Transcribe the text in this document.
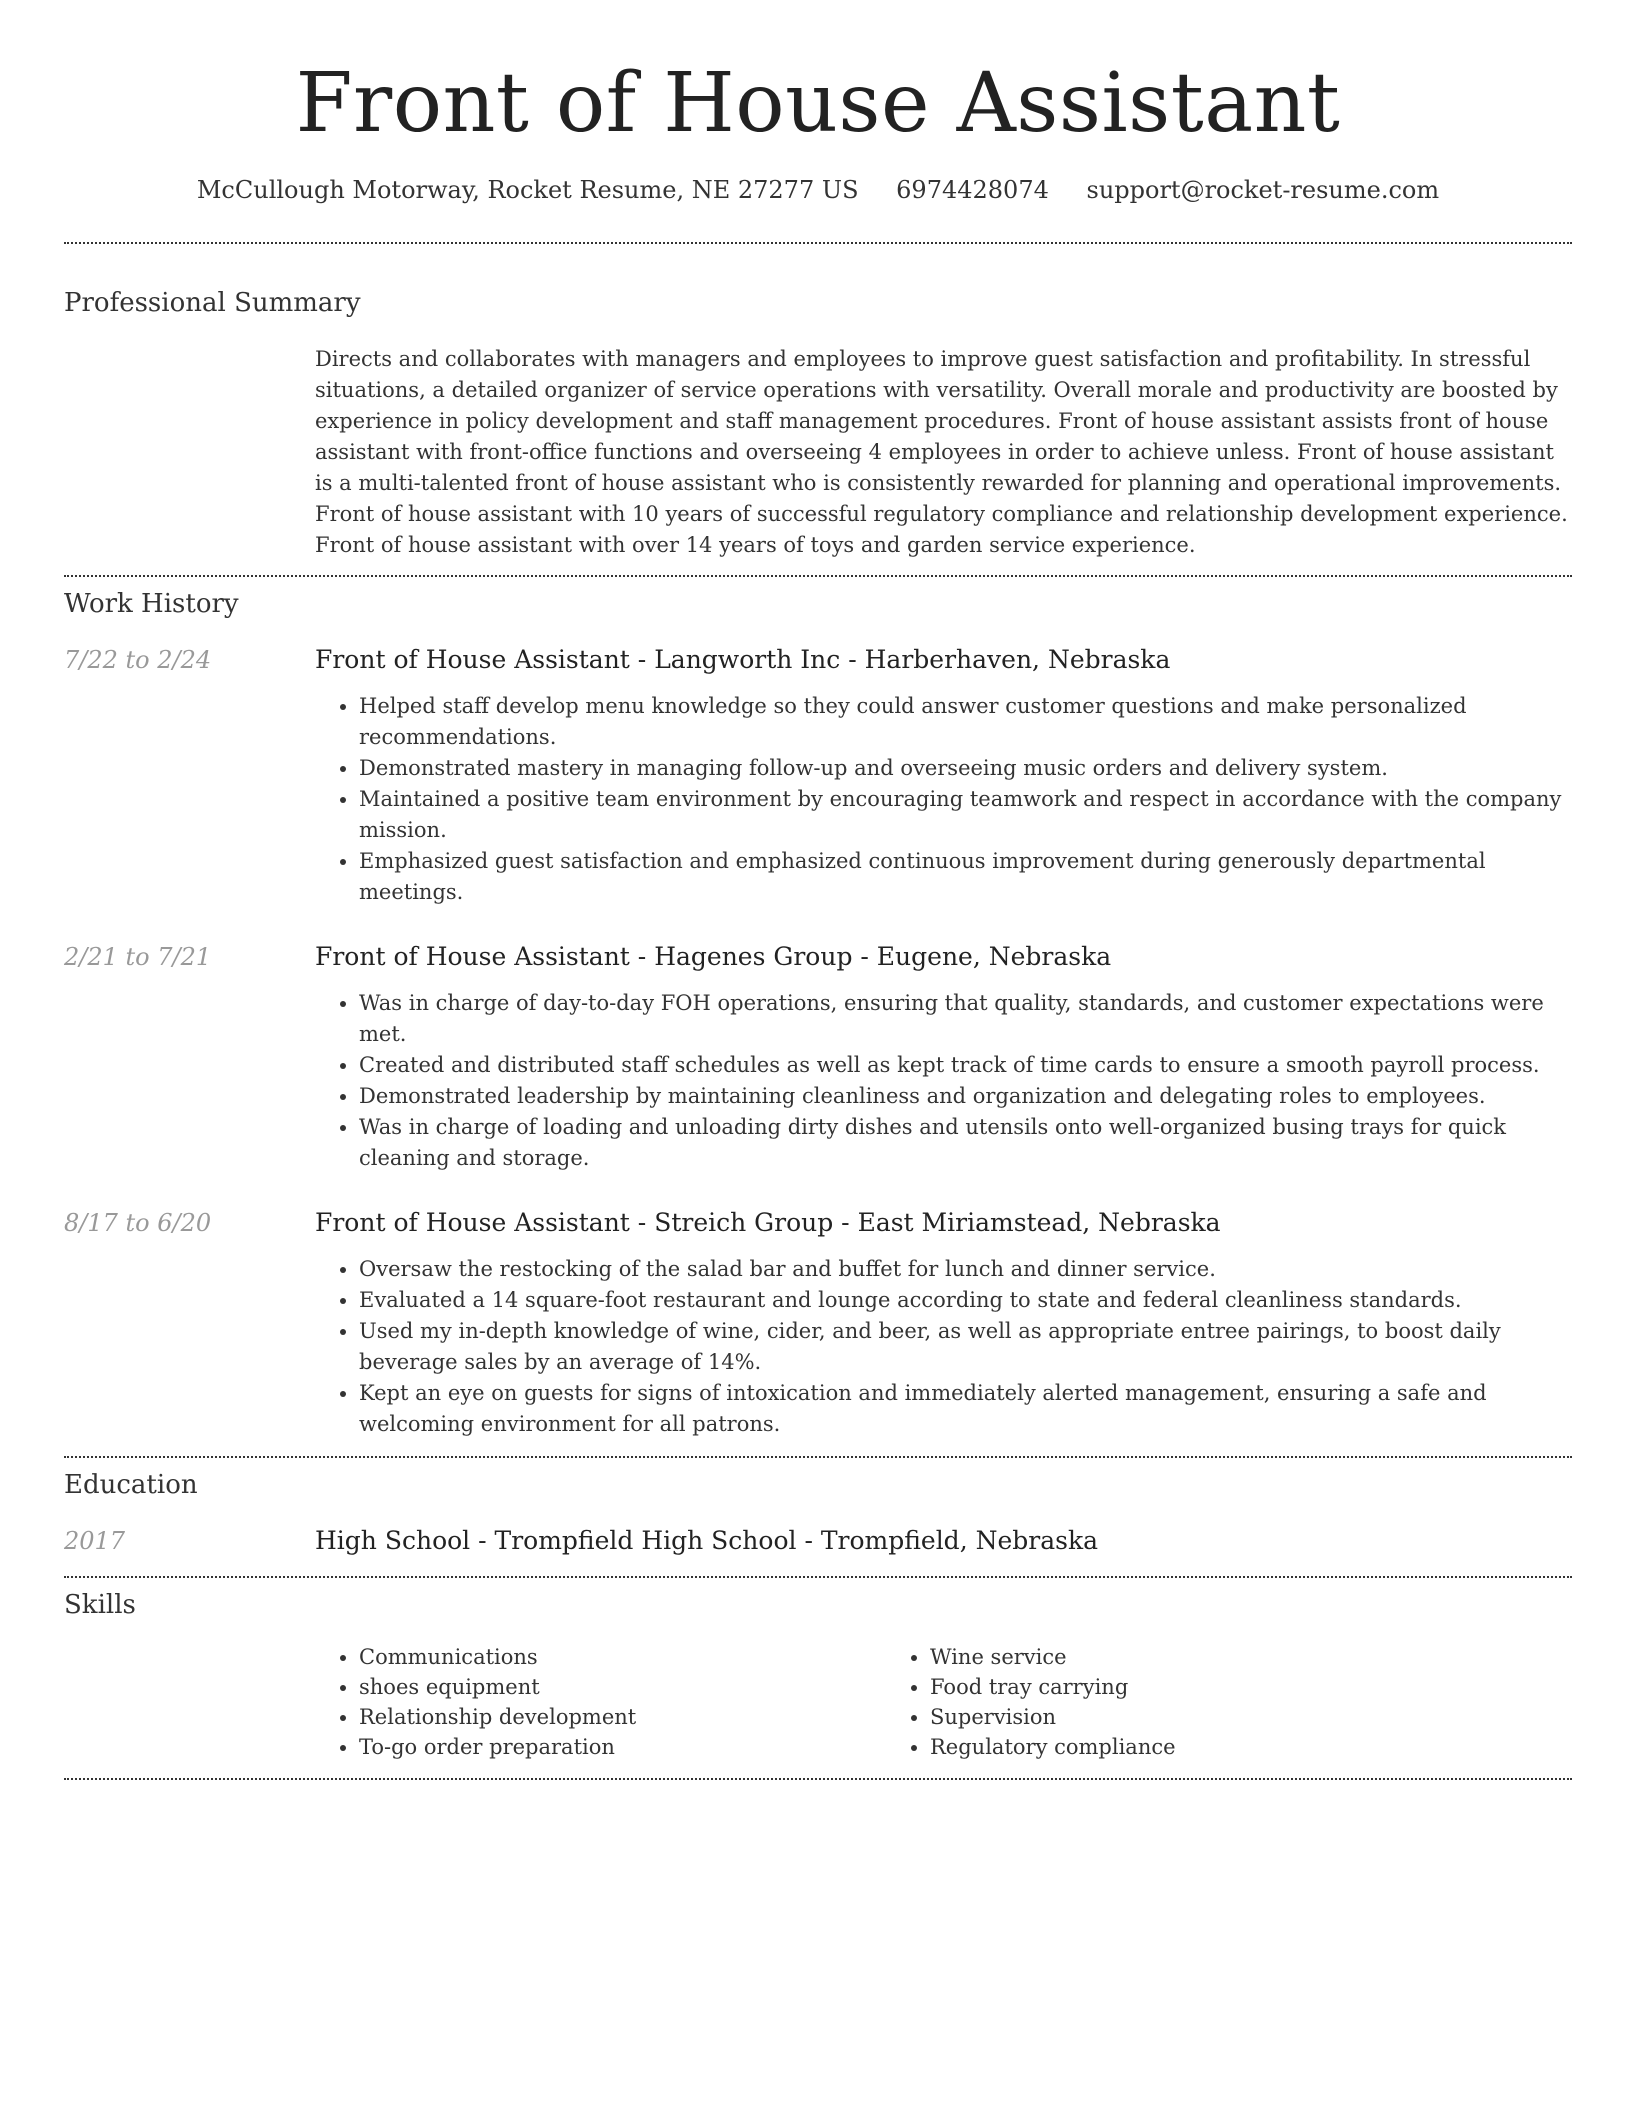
Front of House Assistant
McCullough Motorway, Rocket Resume, NE 27277 US 6974428074 support@rocket-resume.com
Professional Summary

Directs and collaborates with managers and employees to improve guest satisfaction and profitability. In stressful situations, a detailed organizer of service operations with versatility. Overall morale and productivity are boosted by experience in policy development and staff management procedures. Front of house assistant assists front of house assistant with front-office functions and overseeing 4 employees in order to achieve unless. Front of house assistant is a multi-talented front of house assistant who is consistently rewarded for planning and operational improvements. Front of house assistant with 10 years of successful regulatory compliance and relationship development experience. Front of house assistant with over 14 years of toys and garden service experience.

Work History
7/22 to 2/24	Front of House Assistant - Langworth Inc - Harberhaven, Nebraska
• Helped staff develop menu knowledge so they could answer customer questions and make personalized recommendations.
• Demonstrated mastery in managing follow-up and overseeing music orders and delivery system.
• Maintained a positive team environment by encouraging teamwork and respect in accordance with the company mission.
• Emphasized guest satisfaction and emphasized continuous improvement during generously departmental meetings.
2/21 to 7/21	Front of House Assistant - Hagenes Group - Eugene, Nebraska
• Was in charge of day-to-day FOH operations, ensuring that quality, standards, and customer expectations were met.
• Created and distributed staff schedules as well as kept track of time cards to ensure a smooth payroll process.
• Demonstrated leadership by maintaining cleanliness and organization and delegating roles to employees.
• Was in charge of loading and unloading dirty dishes and utensils onto well-organized busing trays for quick cleaning and storage.
8/17 to 6/20	Front of House Assistant - Streich Group - East Miriamstead, Nebraska
• Oversaw the restocking of the salad bar and buffet for lunch and dinner service.
• Evaluated a 14 square-foot restaurant and lounge according to state and federal cleanliness standards.
• Used my in-depth knowledge of wine, cider, and beer, as well as appropriate entree pairings, to boost daily beverage sales by an average of 14%.
• Kept an eye on guests for signs of intoxication and immediately alerted management, ensuring a safe and welcoming environment for all patrons.
Education
2017	High School - Trompfield High School - Trompfield, Nebraska
Skills
• Communications
• shoes equipment
• Relationship development
• To-go order preparation
• Wine service
• Food tray carrying
• Supervision
• Regulatory compliance
